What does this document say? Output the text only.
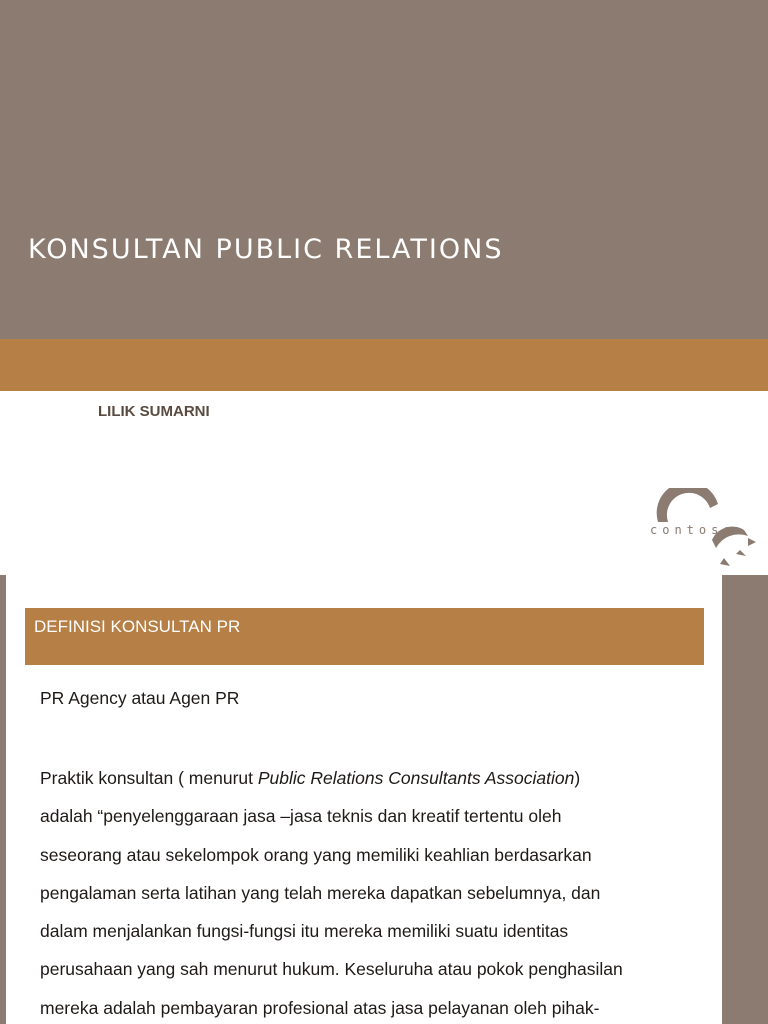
KONSULTAN PUBLIC RELATIONS
LILIK SUMARNI
contoso
DEFINISI KONSULTAN PR

PR Agency atau Agen PR

Praktik konsultan ( menurut Public Relations Consultants Association)
adalah “penyelenggaraan jasa –jasa teknis dan kreatif tertentu oleh
seseorang atau sekelompok orang yang memiliki keahlian berdasarkan
pengalaman serta latihan yang telah mereka dapatkan sebelumnya, dan
dalam menjalankan fungsi-fungsi itu mereka memiliki suatu identitas
perusahaan yang sah menurut hukum. Keseluruha atau pokok penghasilan
mereka adalah pembayaran profesional atas jasa pelayanan oleh pihak-
